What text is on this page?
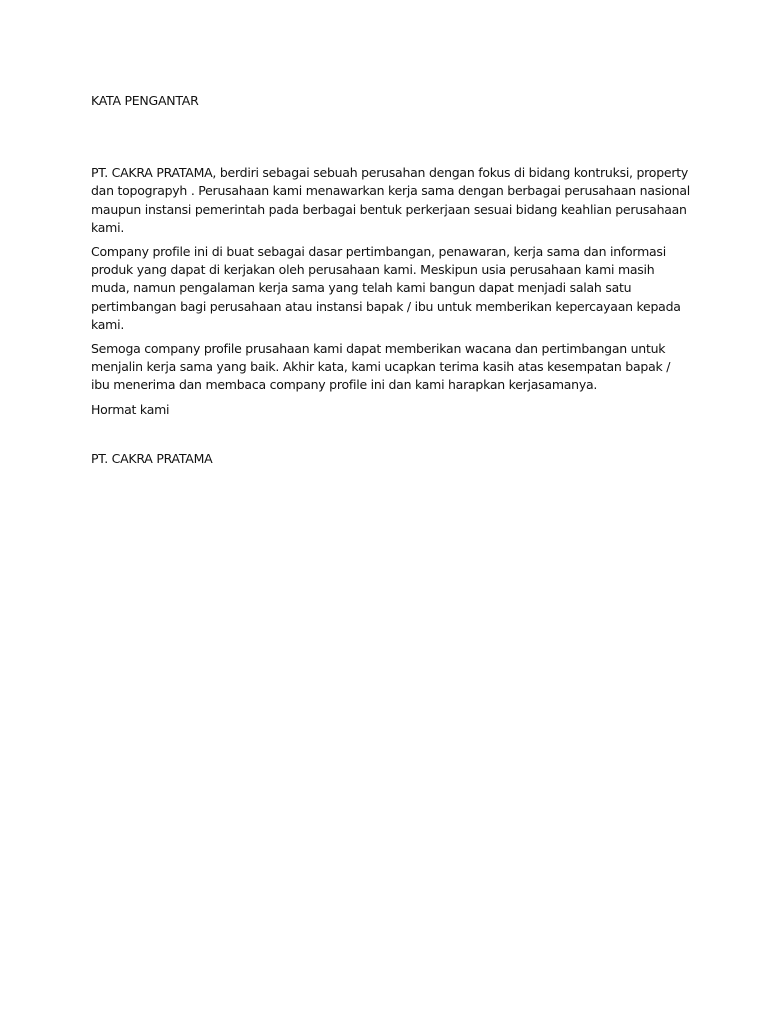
KATA PENGANTAR

PT. CAKRA PRATAMA, berdiri sebagai sebuah perusahan dengan fokus di bidang kontruksi, property dan topograpyh . Perusahaan kami menawarkan kerja sama dengan berbagai perusahaan nasional maupun instansi pemerintah pada berbagai bentuk perkerjaan sesuai bidang keahlian perusahaan kami.

Company profile ini di buat sebagai dasar pertimbangan, penawaran, kerja sama dan informasi produk yang dapat di kerjakan oleh perusahaan kami. Meskipun usia perusahaan kami masih muda, namun pengalaman kerja sama yang telah kami bangun dapat menjadi salah satu pertimbangan bagi perusahaan atau instansi bapak / ibu untuk memberikan kepercayaan kepada kami.

Semoga company profile prusahaan kami dapat memberikan wacana dan pertimbangan untuk menjalin kerja sama yang baik. Akhir kata, kami ucapkan terima kasih atas kesempatan bapak / ibu menerima dan membaca company profile ini dan kami harapkan kerjasamanya.

Hormat kami

PT. CAKRA PRATAMA
